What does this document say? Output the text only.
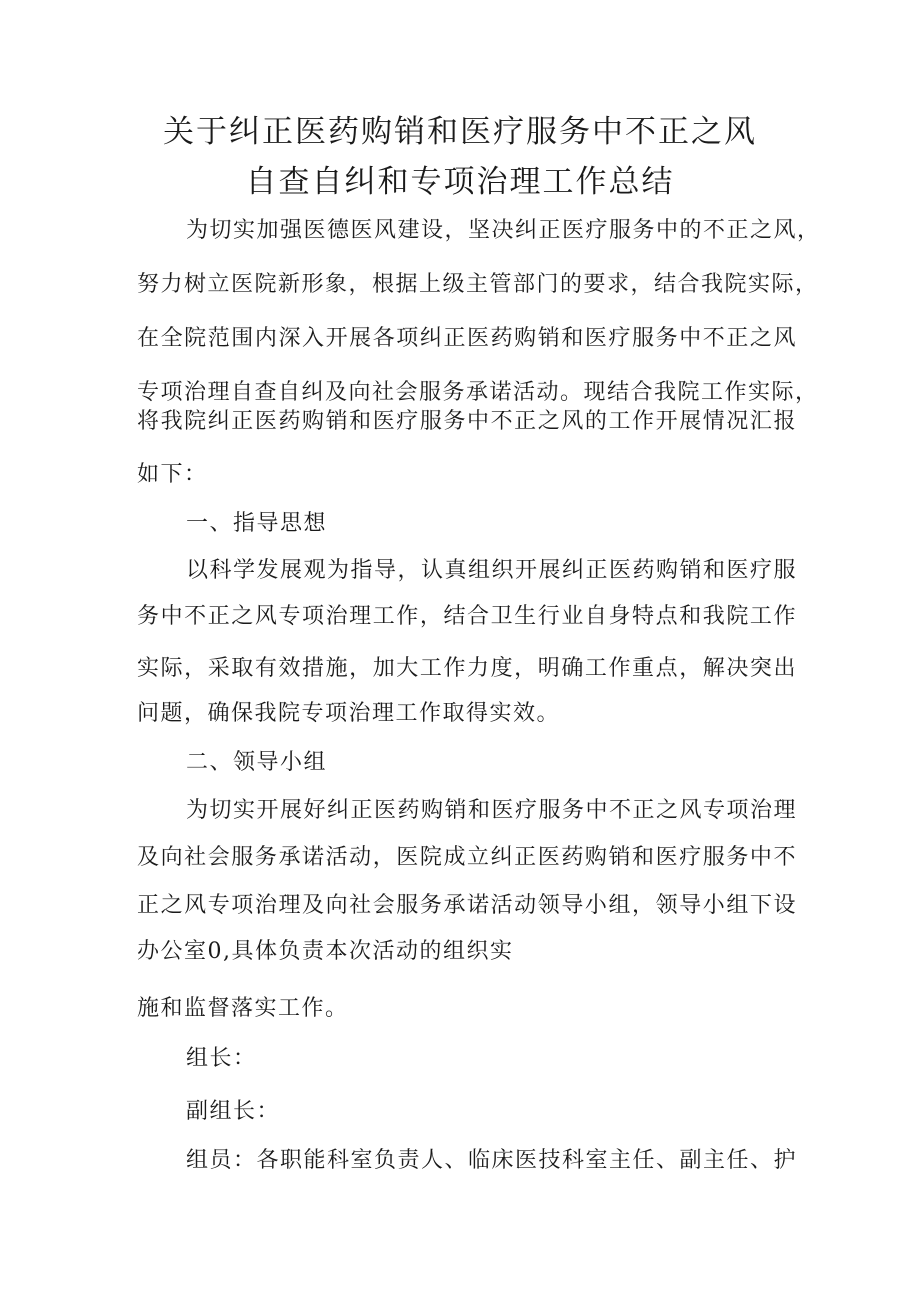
关于纠正医药购销和医疗服务中不正之风
自查自纠和专项治理工作总结
为切实加强医德医风建设，坚决纠正医疗服务中的不正之风，
努力树立医院新形象，根据上级主管部门的要求，结合我院实际，
在全院范围内深入开展各项纠正医药购销和医疗服务中不正之风
专项治理自查自纠及向社会服务承诺活动。现结合我院工作实际，
将我院纠正医药购销和医疗服务中不正之风的工作开展情况汇报
如下：
一、指导思想
以科学发展观为指导，认真组织开展纠正医药购销和医疗服
务中不正之风专项治理工作，结合卫生行业自身特点和我院工作
实际，采取有效措施，加大工作力度，明确工作重点，解决突出
问题，确保我院专项治理工作取得实效。
二、领导小组
为切实开展好纠正医药购销和医疗服务中不正之风专项治理
及向社会服务承诺活动，医院成立纠正医药购销和医疗服务中不
正之风专项治理及向社会服务承诺活动领导小组，领导小组下设
办公室0,具体负责本次活动的组织实
施和监督落实工作。
组长：
副组长：
组员：各职能科室负责人、临床医技科室主任、副主任、护
